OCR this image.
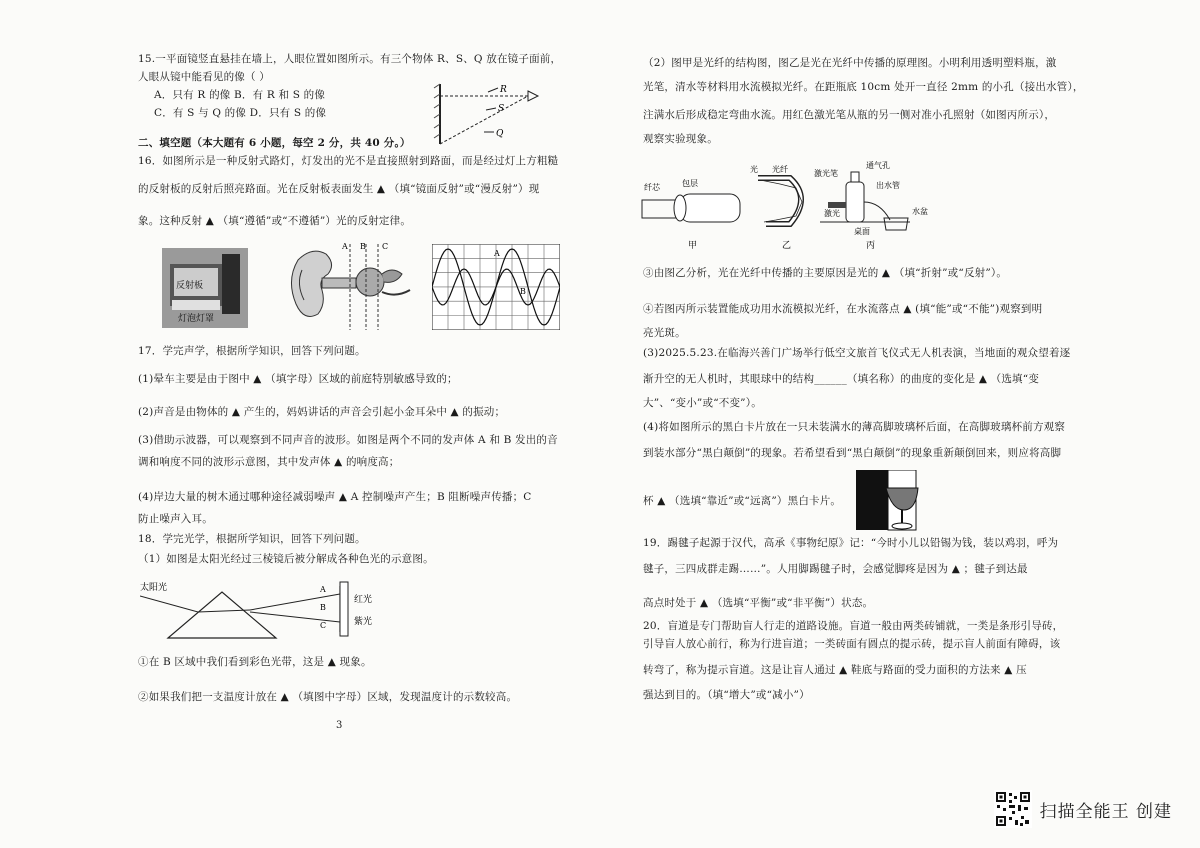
15.一平面镜竖直悬挂在墙上，人眼位置如图所示。有三个物体 R、S、Q 放在镜子面前，
人眼从镜中能看见的像（ ）
A．只有 R 的像 B．有 R 和 S 的像
C．有 S 与 Q 的像 D．只有 S 的像
R
S
Q
二、填空题（本大题有 6 小题，每空 2 分，共 40 分。）
16．如图所示是一种反射式路灯，灯发出的光不是直接照射到路面，而是经过灯上方粗糙
的反射板的反射后照亮路面。光在反射板表面发生 ▲ （填“镜面反射”或“漫反射”）现
象。这种反射 ▲ （填“遵循”或“不遵循”）光的反射定律。
反射板
灯泡灯罩
A B C
A
B
17．学完声学，根据所学知识，回答下列问题。
(1)晕车主要是由于图中 ▲ （填字母）区域的前庭特别敏感导致的；
(2)声音是由物体的 ▲ 产生的，妈妈讲话的声音会引起小金耳朵中 ▲ 的振动；
(3)借助示波器，可以观察到不同声音的波形。如图是两个不同的发声体 A 和 B 发出的音
调和响度不同的波形示意图，其中发声体 ▲ 的响度高；
(4)岸边大量的树木通过哪种途径减弱噪声 ▲ A 控制噪声产生；B 阻断噪声传播；C
防止噪声入耳。
18．学完光学，根据所学知识，回答下列问题。
（1）如图是太阳光经过三棱镜后被分解成各种色光的示意图。
太阳光	A
B
C
红光
紫光
①在 B 区域中我们看到彩色光带，这是 ▲ 现象。
②如果我们把一支温度计放在 ▲ （填图中字母）区域，发现温度计的示数较高。
3
（2）图甲是光纤的结构图，图乙是光在光纤中传播的原理图。小明利用透明塑料瓶，激
光笔，清水等材料用水流模拟光纤。在距瓶底 10cm 处开一直径 2mm 的小孔（接出水管），
注满水后形成稳定弯曲水流。用红色激光笔从瓶的另一侧对准小孔照射（如图丙所示），
观察实验现象。
纤芯	包层
甲
光 光纤
乙
激光笔
通气孔
出水管
激光	水盆
桌面
丙
③由图乙分析，光在光纤中传播的主要原因是光的 ▲ （填“折射”或“反射”）。
④若图丙所示装置能成功用水流模拟光纤，在水流落点 ▲ (填“能”或“不能”)观察到明
亮光斑。
(3)2025.5.23.在临海兴善门广场举行低空文旅首飞仪式无人机表演，当地面的观众望着逐
渐升空的无人机时，其眼球中的结构______（填名称）的曲度的变化是 ▲ （选填“变
大”、“变小”或“不变”）。
(4)将如图所示的黑白卡片放在一只未装满水的薄高脚玻璃杯后面，在高脚玻璃杯前方观察
到装水部分“黑白颠倒”的现象。若希望看到“黑白颠倒”的现象重新颠倒回来，则应将高脚
杯 ▲ （选填“靠近”或“远离”）黑白卡片。
19．踢毽子起源于汉代，高承《事物纪原》记：“今时小儿以铅锡为钱，装以鸡羽，呼为
毽子，三四成群走踢……”。人用脚踢毽子时，会感觉脚疼是因为 ▲ ；毽子到达最
高点时处于 ▲ （选填“平衡”或“非平衡”）状态。
20．盲道是专门帮助盲人行走的道路设施。盲道一般由两类砖铺就，一类是条形引导砖，
引导盲人放心前行，称为行进盲道；一类砖面有圆点的提示砖，提示盲人前面有障碍，该
转弯了，称为提示盲道。这是让盲人通过 ▲ 鞋底与路面的受力面积的方法来 ▲ 压
强达到目的。（填“增大”或“减小”）
扫描全能王 创建
